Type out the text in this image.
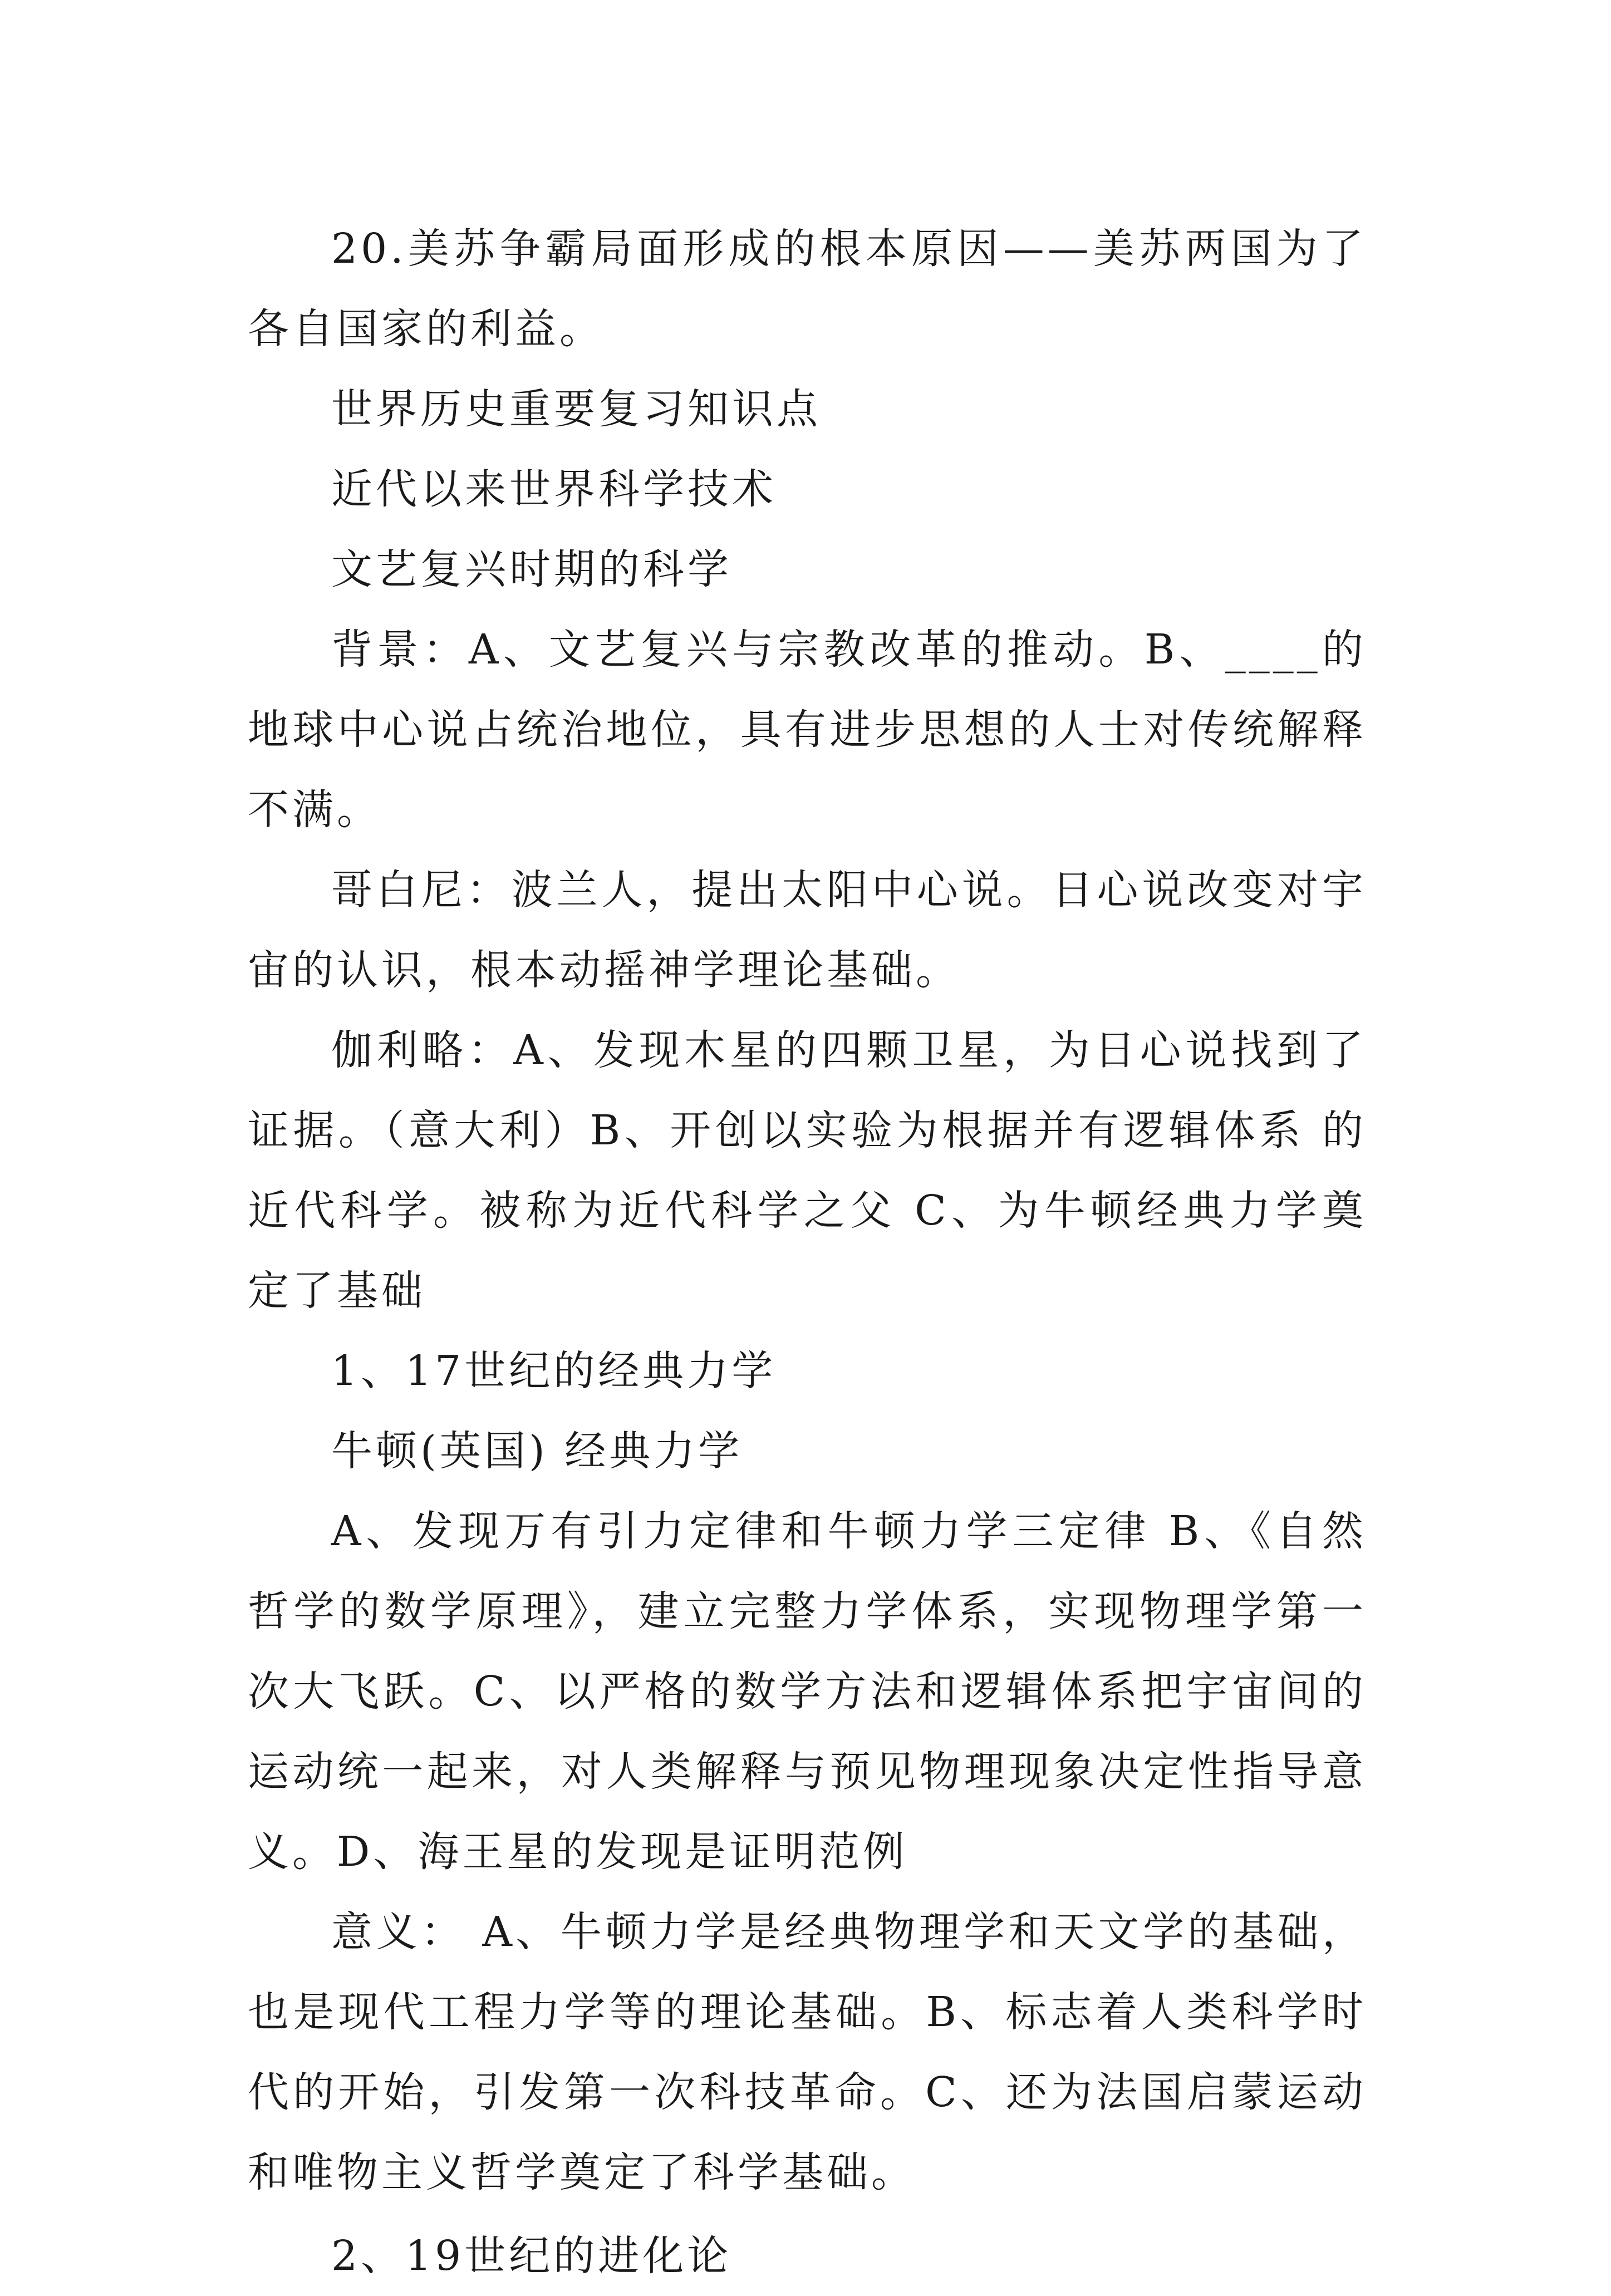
20.美苏争霸局面形成的根本原因——美苏两国为了各自国家的利益。

世界历史重要复习知识点

近代以来世界科学技术

文艺复兴时期的科学

背景：A、文艺复兴与宗教改革的推动。B、____的地球中心说占统治地位，具有进步思想的人士对传统解释不满。

哥白尼：波兰人，提出太阳中心说。日心说改变对宇宙的认识，根本动摇神学理论基础。

伽利略：A、发现木星的四颗卫星，为日心说找到了证据。（意大利）B、开创以实验为根据并有逻辑体系 的近代科学。被称为近代科学之父 C、为牛顿经典力学奠定了基础

1、17世纪的经典力学

牛顿(英国) 经典力学

A、发现万有引力定律和牛顿力学三定律 B、《自然哲学的数学原理》，建立完整力学体系，实现物理学第一次大飞跃。C、以严格的数学方法和逻辑体系把宇宙间的运动统一起来，对人类解释与预见物理现象决定性指导意义。D、海王星的发现是证明范例

意义： A、牛顿力学是经典物理学和天文学的基础，也是现代工程力学等的理论基础。B、标志着人类科学时代的开始，引发第一次科技革命。C、还为法国启蒙运动和唯物主义哲学奠定了科学基础。

2、19世纪的进化论
